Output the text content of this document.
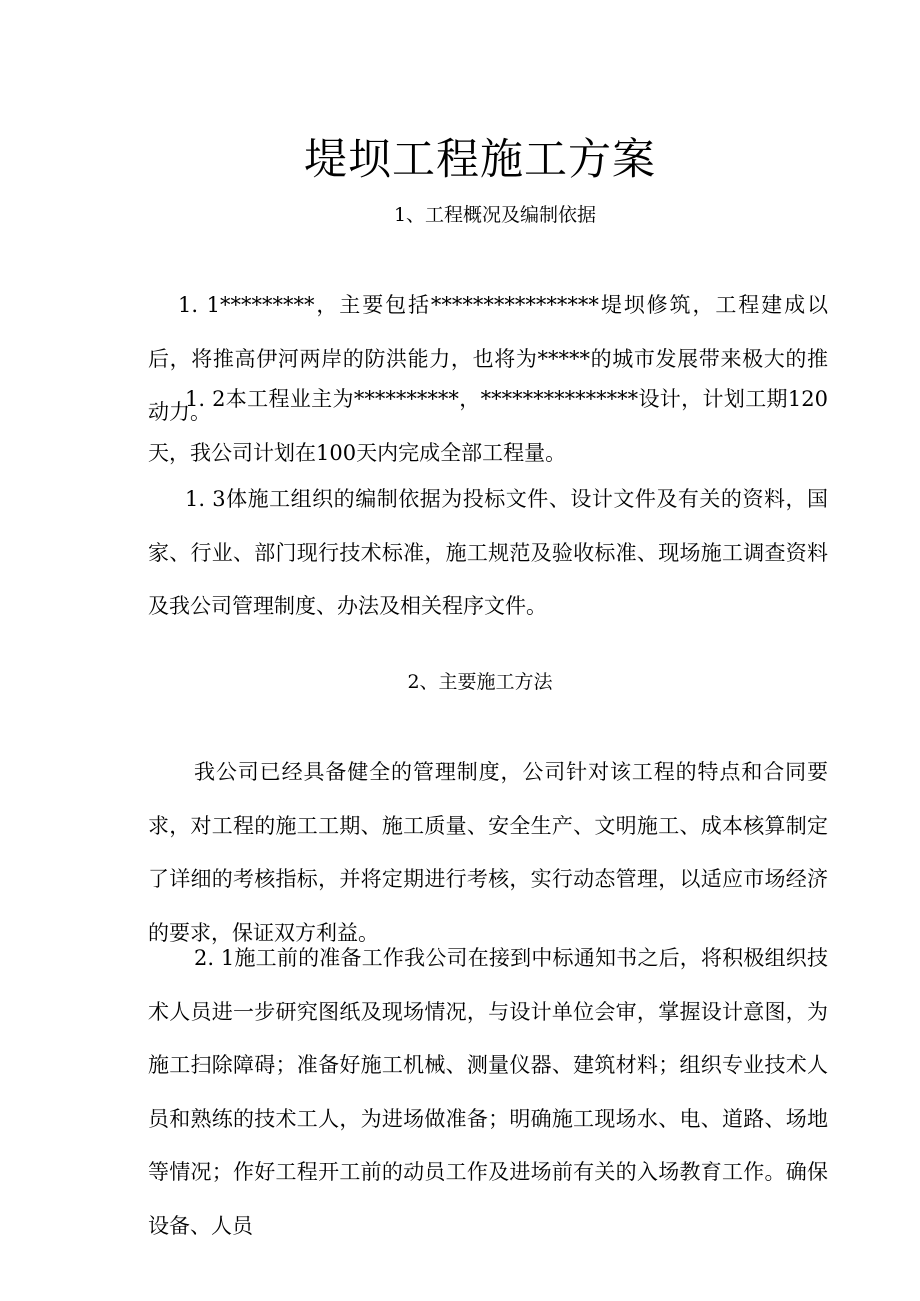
堤坝工程施工方案
1、工程概况及编制依据

1. 1*********，主要包括****************堤坝修筑，工程建成以后，将推高伊河两岸的防洪能力，也将为*****的城市发展带来极大的推动力。

1. 2本工程业主为**********，***************设计，计划工期120天，我公司计划在100天内完成全部工程量。

1. 3体施工组织的编制依据为投标文件、设计文件及有关的资料，国家、行业、部门现行技术标准，施工规范及验收标准、现场施工调查资料及我公司管理制度、办法及相关程序文件。

2、主要施工方法

我公司已经具备健全的管理制度，公司针对该工程的特点和合同要求，对工程的施工工期、施工质量、安全生产、文明施工、成本核算制定了详细的考核指标，并将定期进行考核，实行动态管理，以适应市场经济的要求，保证双方利益。

2. 1施工前的准备工作我公司在接到中标通知书之后，将积极组织技术人员进一步研究图纸及现场情况，与设计单位会审，掌握设计意图，为施工扫除障碍；准备好施工机械、测量仪器、建筑材料；组织专业技术人员和熟练的技术工人，为进场做准备；明确施工现场水、电、道路、场地等情况；作好工程开工前的动员工作及进场前有关的入场教育工作。确保设备、人员
